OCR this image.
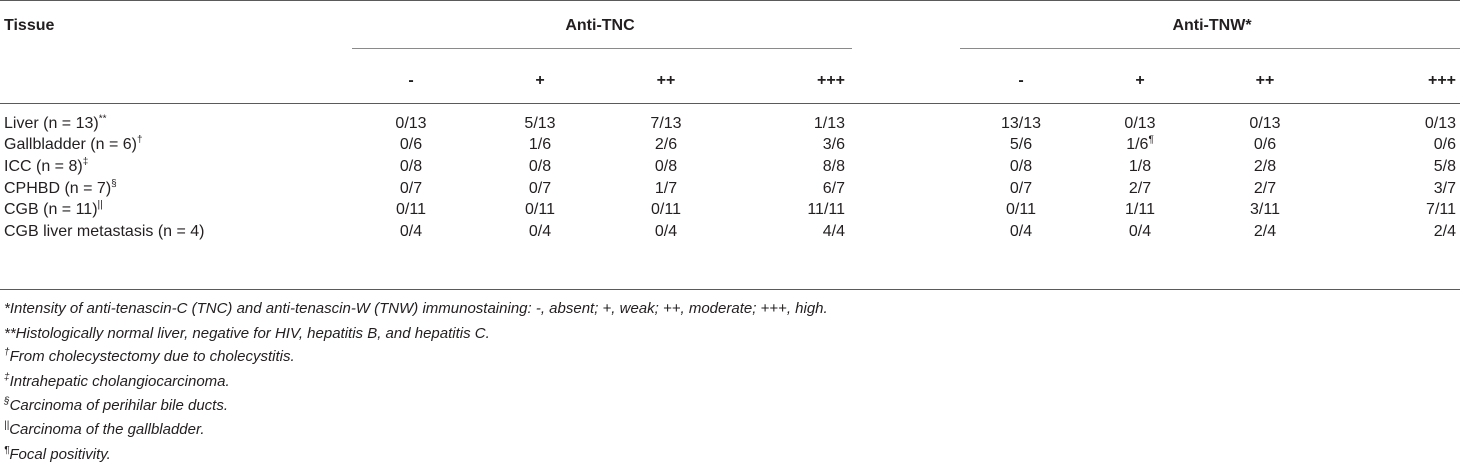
Tissue	Anti-TNC	Anti-TNW*
-	+	++	+++	-	+	++	+++
Liver (n = 13)**	0/13	5/13	7/13	1/13	13/13	0/13	0/13	0/13
Gallbladder (n = 6)†	0/6	1/6	2/6	3/6	5/6	1/6¶	0/6	0/6
ICC (n = 8)‡	0/8	0/8	0/8	8/8	0/8	1/8	2/8	5/8
CPHBD (n = 7)§	0/7	0/7	1/7	6/7	0/7	2/7	2/7	3/7
CGB (n = 11)||	0/11	0/11	0/11	11/11	0/11	1/11	3/11	7/11
CGB liver metastasis (n = 4)	0/4	0/4	0/4	4/4	0/4	0/4	2/4	2/4
*Intensity of anti-tenascin-C (TNC) and anti-tenascin-W (TNW) immunostaining: -, absent; +, weak; ++, moderate; +++, high.
**Histologically normal liver, negative for HIV, hepatitis B, and hepatitis C.
†From cholecystectomy due to cholecystitis.
‡Intrahepatic cholangiocarcinoma.
§Carcinoma of perihilar bile ducts.
||Carcinoma of the gallbladder.
¶Focal positivity.
